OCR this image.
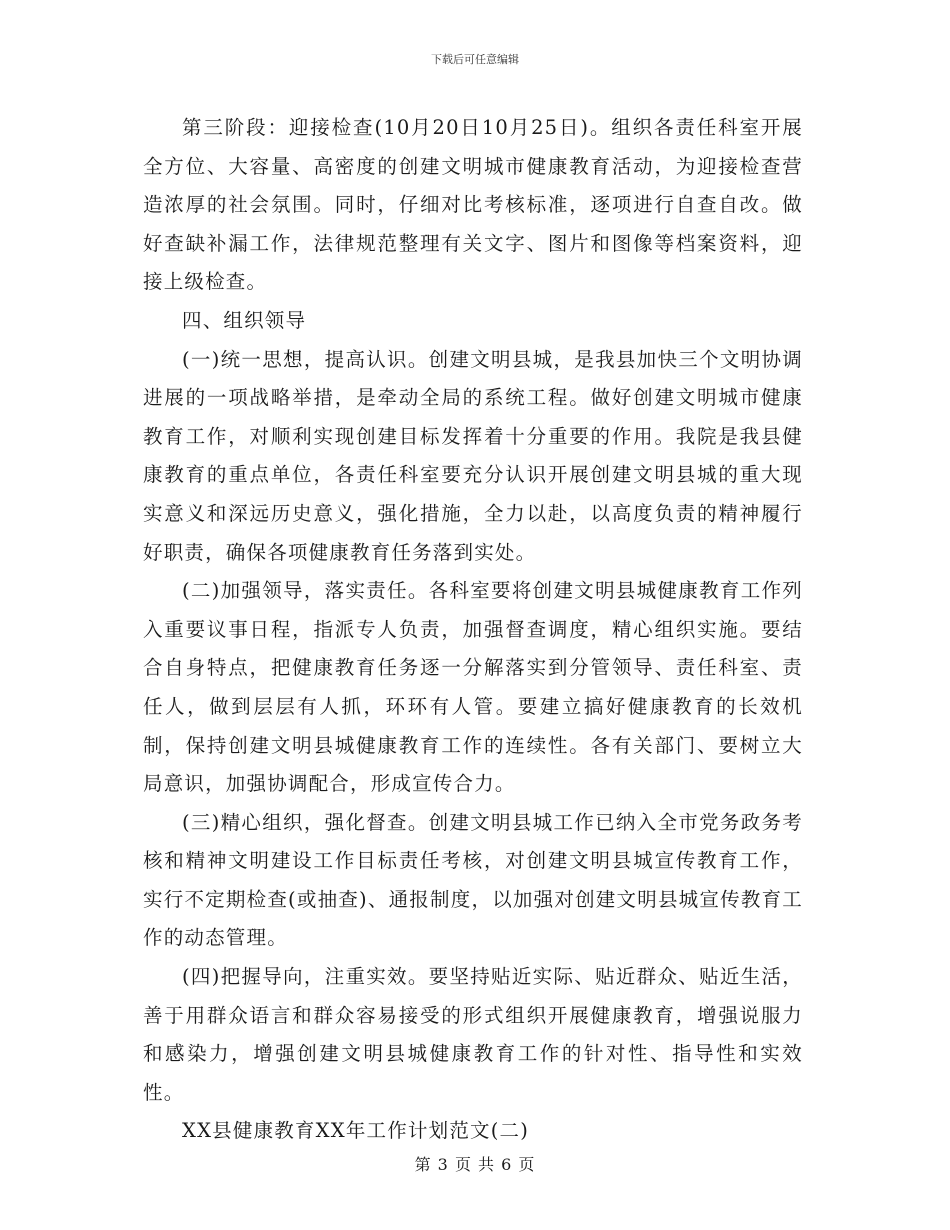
下载后可任意编辑

第三阶段：迎接检查(10月20日10月25日)。组织各责任科室开展全方位、大容量、高密度的创建文明城市健康教育活动，为迎接检查营造浓厚的社会氛围。同时，仔细对比考核标准，逐项进行自查自改。做好查缺补漏工作，法律规范整理有关文字、图片和图像等档案资料，迎接上级检查。

四、组织领导

(一)统一思想，提高认识。创建文明县城，是我县加快三个文明协调进展的一项战略举措，是牵动全局的系统工程。做好创建文明城市健康教育工作，对顺利实现创建目标发挥着十分重要的作用。我院是我县健康教育的重点单位，各责任科室要充分认识开展创建文明县城的重大现实意义和深远历史意义，强化措施，全力以赴，以高度负责的精神履行好职责，确保各项健康教育任务落到实处。

(二)加强领导，落实责任。各科室要将创建文明县城健康教育工作列入重要议事日程，指派专人负责，加强督查调度，精心组织实施。要结合自身特点，把健康教育任务逐一分解落实到分管领导、责任科室、责任人，做到层层有人抓，环环有人管。要建立搞好健康教育的长效机制，保持创建文明县城健康教育工作的连续性。各有关部门、要树立大局意识，加强协调配合，形成宣传合力。

(三)精心组织，强化督查。创建文明县城工作已纳入全市党务政务考核和精神文明建设工作目标责任考核，对创建文明县城宣传教育工作，实行不定期检查(或抽查)、通报制度，以加强对创建文明县城宣传教育工作的动态管理。

(四)把握导向，注重实效。要坚持贴近实际、贴近群众、贴近生活，善于用群众语言和群众容易接受的形式组织开展健康教育，增强说服力和感染力，增强创建文明县城健康教育工作的针对性、指导性和实效性。

XX县健康教育XX年工作计划范文(二)

第 3 页 共 6 页
